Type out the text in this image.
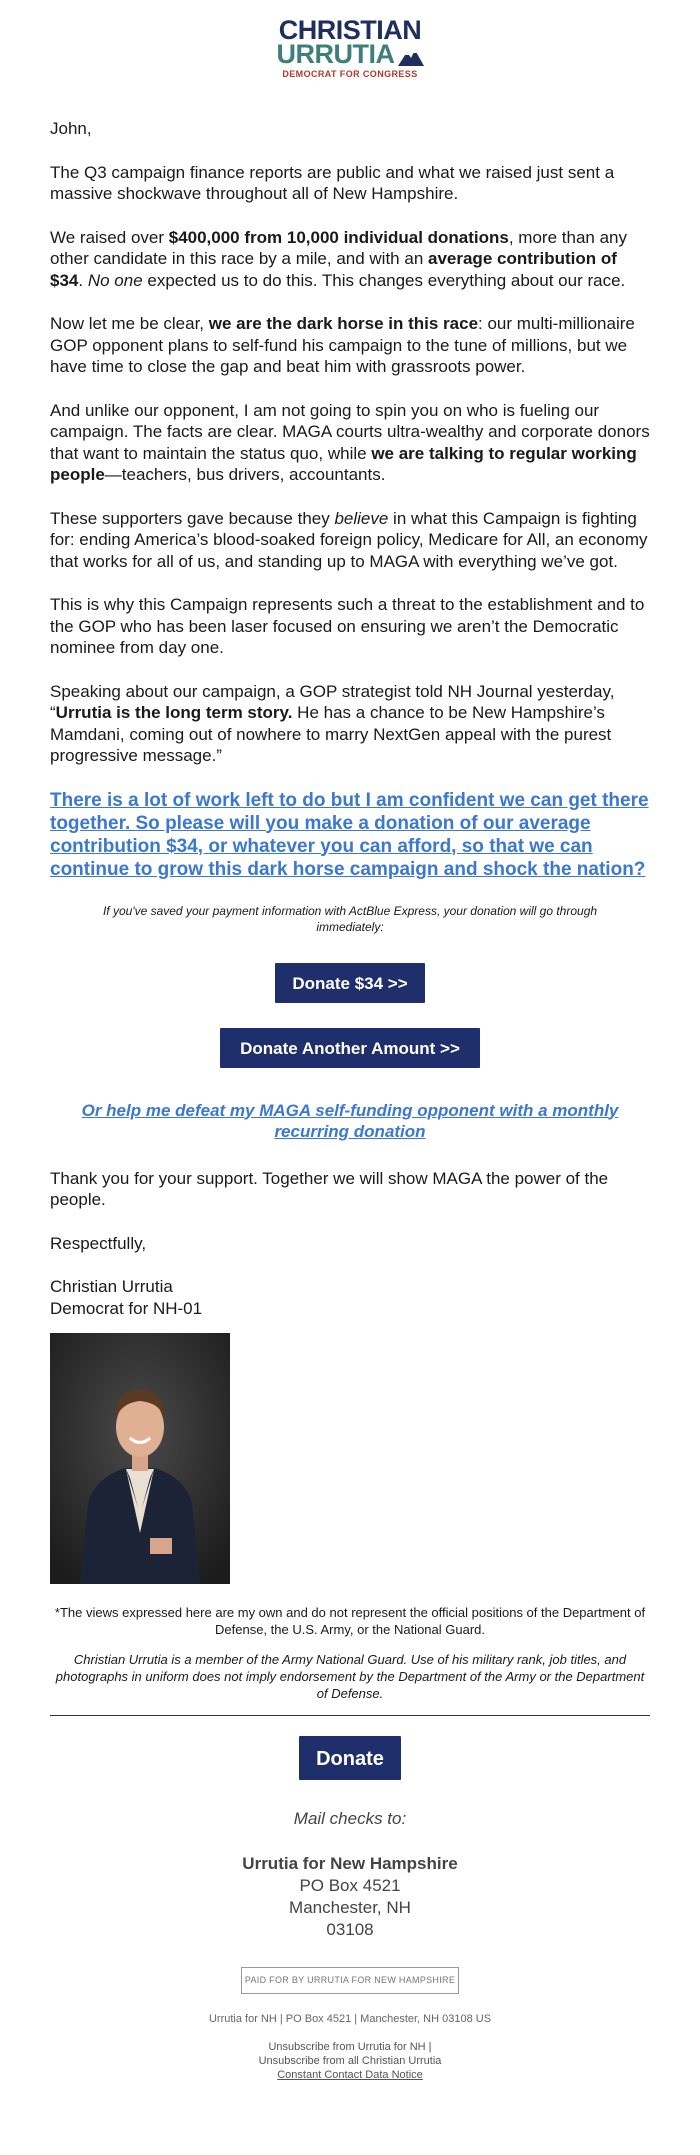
CHRISTIAN
URRUTIA
DEMOCRAT FOR CONGRESS

John,

The Q3 campaign finance reports are public and what we raised just sent a massive shockwave throughout all of New Hampshire.

We raised over $400,000 from 10,000 individual donations, more than any other candidate in this race by a mile, and with an average contribution of $34. No one expected us to do this. This changes everything about our race.

Now let me be clear, we are the dark horse in this race: our multi-millionaire GOP opponent plans to self-fund his campaign to the tune of millions, but we have time to close the gap and beat him with grassroots power.

And unlike our opponent, I am not going to spin you on who is fueling our campaign. The facts are clear. MAGA courts ultra-wealthy and corporate donors that want to maintain the status quo, while we are talking to regular working people—teachers, bus drivers, accountants.

These supporters gave because they believe in what this Campaign is fighting for: ending America’s blood-soaked foreign policy, Medicare for All, an economy that works for all of us, and standing up to MAGA with everything we’ve got.

This is why this Campaign represents such a threat to the establishment and to the GOP who has been laser focused on ensuring we aren’t the Democratic nominee from day one.

Speaking about our campaign, a GOP strategist told NH Journal yesterday, “Urrutia is the long term story. He has a chance to be New Hampshire’s Mamdani, coming out of nowhere to marry NextGen appeal with the purest progressive message.”

There is a lot of work left to do but I am confident we can get there together. So please will you make a donation of our average contribution $34, or whatever you can afford, so that we can continue to grow this dark horse campaign and shock the nation?

If you've saved your payment information with ActBlue Express, your donation will go through immediately:

Donate $34 >>
Donate Another Amount >>

Or help me defeat my MAGA self-funding opponent with a monthly recurring donation

Thank you for your support. Together we will show MAGA the power of the people.

Respectfully,

Christian Urrutia
Democrat for NH-01

*The views expressed here are my own and do not represent the official positions of the Department of Defense, the U.S. Army, or the National Guard.

Christian Urrutia is a member of the Army National Guard. Use of his military rank, job titles, and photographs in uniform does not imply endorsement by the Department of the Army or the Department of Defense.

Donate
Mail checks to:
Urrutia for New Hampshire
PO Box 4521
Manchester, NH
03108
PAID FOR BY URRUTIA FOR NEW HAMPSHIRE
Urrutia for NH | PO Box 4521 | Manchester, NH 03108 US
Unsubscribe from Urrutia for NH |
Unsubscribe from all Christian Urrutia
Constant Contact Data Notice
